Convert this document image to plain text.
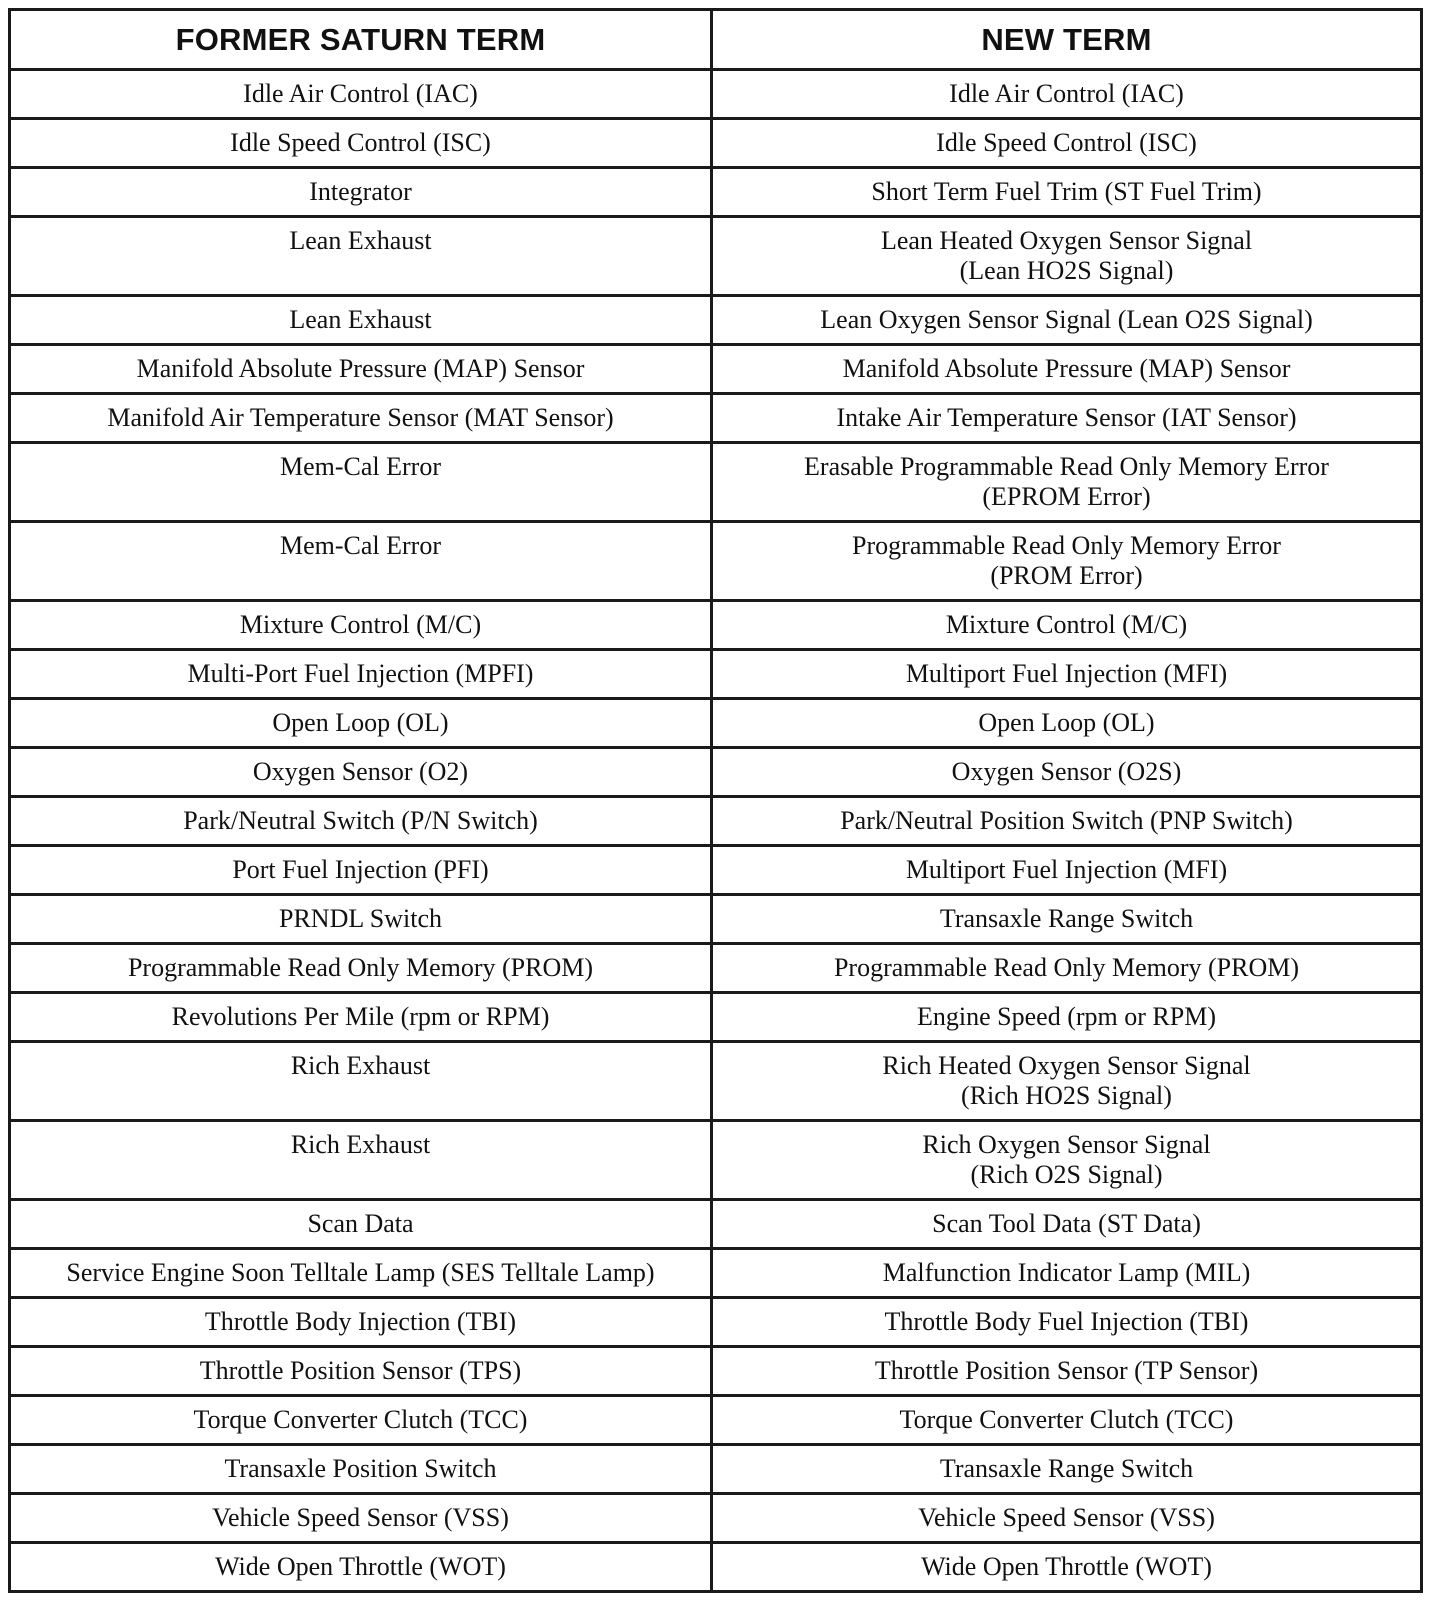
FORMER SATURN TERM	NEW TERM

Idle Air Control (IAC)	Idle Air Control (IAC)

Idle Speed Control (ISC)	Idle Speed Control (ISC)

Integrator	Short Term Fuel Trim (ST Fuel Trim)

Lean Exhaust	Lean Heated Oxygen Sensor Signal
(Lean HO2S Signal)

Lean Exhaust	Lean Oxygen Sensor Signal (Lean O2S Signal)

Manifold Absolute Pressure (MAP) Sensor	Manifold Absolute Pressure (MAP) Sensor

Manifold Air Temperature Sensor (MAT Sensor)	Intake Air Temperature Sensor (IAT Sensor)

Mem-Cal Error	Erasable Programmable Read Only Memory Error
(EPROM Error)

Mem-Cal Error	Programmable Read Only Memory Error
(PROM Error)

Mixture Control (M/C)	Mixture Control (M/C)

Multi-Port Fuel Injection (MPFI)	Multiport Fuel Injection (MFI)

Open Loop (OL)	Open Loop (OL)

Oxygen Sensor (O2)	Oxygen Sensor (O2S)

Park/Neutral Switch (P/N Switch)	Park/Neutral Position Switch (PNP Switch)

Port Fuel Injection (PFI)	Multiport Fuel Injection (MFI)

PRNDL Switch	Transaxle Range Switch

Programmable Read Only Memory (PROM)	Programmable Read Only Memory (PROM)

Revolutions Per Mile (rpm or RPM)	Engine Speed (rpm or RPM)

Rich Exhaust	Rich Heated Oxygen Sensor Signal
(Rich HO2S Signal)

Rich Exhaust	Rich Oxygen Sensor Signal
(Rich O2S Signal)

Scan Data	Scan Tool Data (ST Data)

Service Engine Soon Telltale Lamp (SES Telltale Lamp)	Malfunction Indicator Lamp (MIL)

Throttle Body Injection (TBI)	Throttle Body Fuel Injection (TBI)

Throttle Position Sensor (TPS)	Throttle Position Sensor (TP Sensor)

Torque Converter Clutch (TCC)	Torque Converter Clutch (TCC)

Transaxle Position Switch	Transaxle Range Switch

Vehicle Speed Sensor (VSS)	Vehicle Speed Sensor (VSS)

Wide Open Throttle (WOT)	Wide Open Throttle (WOT)
